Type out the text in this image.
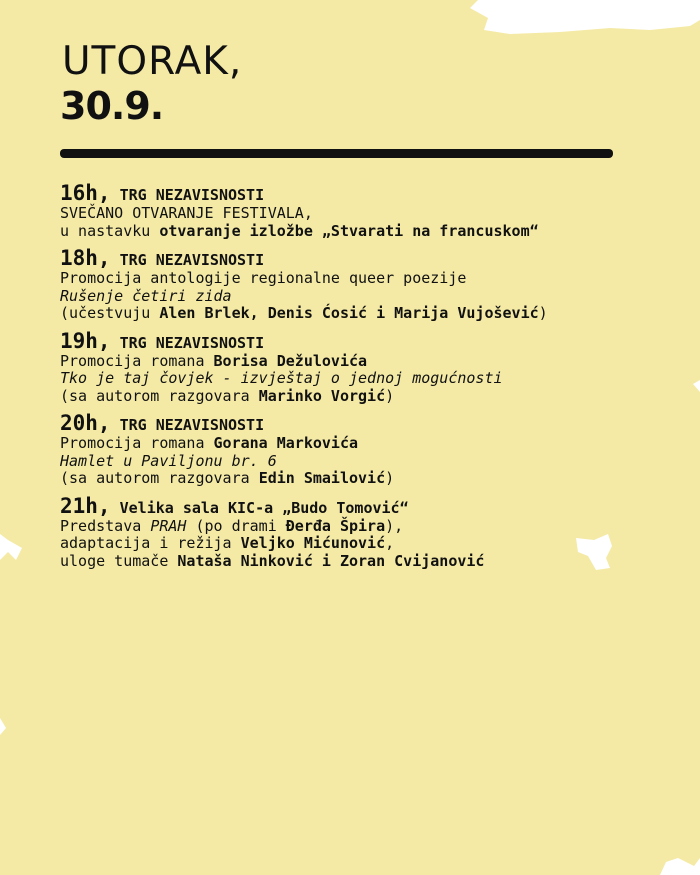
UTORAK,
30.9.
16h, TRG NEZAVISNOSTI
SVEČANO OTVARANJE FESTIVALA,
u nastavku otvaranje izložbe „Stvarati na francuskom“
18h, TRG NEZAVISNOSTI
Promocija antologije regionalne queer poezije
Rušenje četiri zida
(učestvuju Alen Brlek, Denis Ćosić i Marija Vujošević)
19h, TRG NEZAVISNOSTI
Promocija romana Borisa Dežulovića
Tko je taj čovjek - izvještaj o jednoj mogućnosti
(sa autorom razgovara Marinko Vorgić)
20h, TRG NEZAVISNOSTI
Promocija romana Gorana Markovića
Hamlet u Paviljonu br. 6
(sa autorom razgovara Edin Smailović)
21h, Velika sala KIC-a „Budo Tomović“
Predstava PRAH (po drami Đerđa Špira),
adaptacija i režija Veljko Mićunović,
uloge tumače Nataša Ninković i Zoran Cvijanović
